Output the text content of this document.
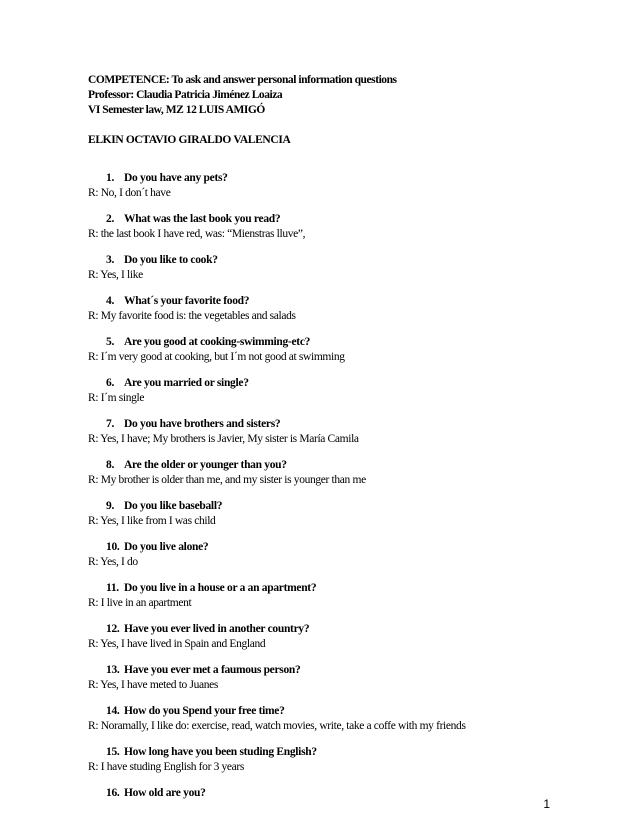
COMPETENCE: To ask and answer personal information questions
Professor: Claudia Patricia Jiménez Loaiza
VI Semester law, MZ 12 LUIS AMIGÓ
ELKIN OCTAVIO GIRALDO VALENCIA
1. Do you have any pets?
R: No, I don´t have
2. What was the last book you read?
R: the last book I have red, was: “Mienstras lluve”,
3. Do you like to cook?
R: Yes, I like
4. What´s your favorite food?
R: My favorite food is: the vegetables and salads
5. Are you good at cooking-swimming-etc?
R: I´m very good at cooking, but I´m not good at swimming
6. Are you married or single?
R: I´m single
7. Do you have brothers and sisters?
R: Yes, I have; My brothers is Javier, My sister is María Camila
8. Are the older or younger than you?
R: My brother is older than me, and my sister is younger than me
9. Do you like baseball?
R: Yes, I like from I was child
10. Do you live alone?
R: Yes, I do
11. Do you live in a house or a an apartment?
R: I live in an apartment
12. Have you ever lived in another country?
R: Yes, I have lived in Spain and England
13. Have you ever met a faumous person?
R: Yes, I have meted to Juanes
14. How do you Spend your free time?
R: Noramally, I like do: exercise, read, watch movies, write, take a coffe with my friends
15. How long have you been studing English?
R: I have studing English for 3 years
16. How old are you?
1
